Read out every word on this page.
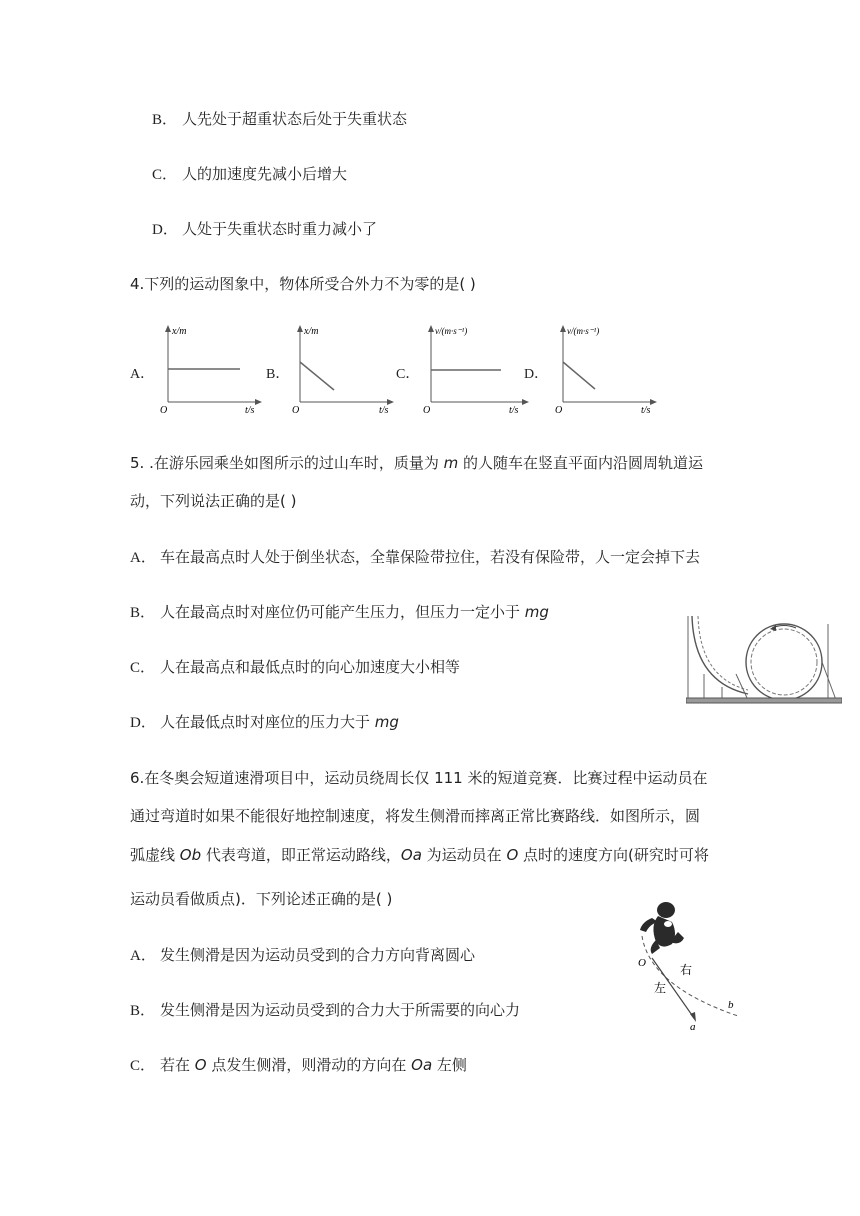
B． 人先处于超重状态后处于失重状态
C． 人的加速度先减小后增大
D． 人处于失重状态时重力减小了
4.下列的运动图象中，物体所受合外力不为零的是( )
A．
x/m
O	t/s
B．
x/m
O	t/s
C．
v/(m·s⁻¹)
O	t/s
D．
v/(m·s⁻¹)
O	t/s
5. .在游乐园乘坐如图所示的过山车时，质量为 m 的人随车在竖直平面内沿圆周轨道运
动，下列说法正确的是( )
A． 车在最高点时人处于倒坐状态，全靠保险带拉住，若没有保险带，人一定会掉下去
B． 人在最高点时对座位仍可能产生压力，但压力一定小于 mg
C． 人在最高点和最低点时的向心加速度大小相等
D． 人在最低点时对座位的压力大于 mg
6.在冬奥会短道速滑项目中，运动员绕周长仅 111 米的短道竞赛．比赛过程中运动员在
通过弯道时如果不能很好地控制速度，将发生侧滑而摔离正常比赛路线．如图所示，圆
弧虚线 Ob 代表弯道，即正常运动路线，Oa 为运动员在 O 点时的速度方向(研究时可将
运动员看做质点)．下列论述正确的是( )
A． 发生侧滑是因为运动员受到的合力方向背离圆心
B． 发生侧滑是因为运动员受到的合力大于所需要的向心力
C． 若在 O 点发生侧滑，则滑动的方向在 Oa 左侧
O
左
右
a
b
